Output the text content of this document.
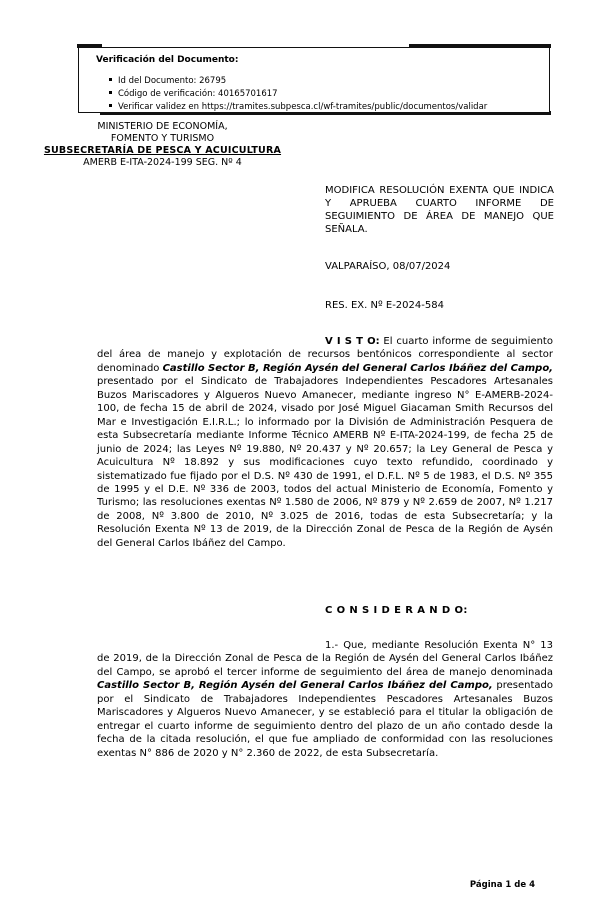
Verificación del Documento:
Id del Documento: 26795
Código de verificación: 40165701617
Verificar validez en https://tramites.subpesca.cl/wf-tramites/public/documentos/validar
MINISTERIO DE ECONOMÍA,
FOMENTO Y TURISMO
SUBSECRETARÍA DE PESCA Y ACUICULTURA
AMERB E-ITA-2024-199 SEG. Nº 4
MODIFICA RESOLUCIÓN EXENTA QUE INDICA Y APRUEBA CUARTO INFORME DE SEGUIMIENTO DE ÁREA DE MANEJO QUE SEÑALA.
VALPARAÍSO, 08/07/2024
RES. EX. Nº E-2024-584
V I S T O: El cuarto informe de seguimiento del área de manejo y explotación de recursos bentónicos correspondiente al sector denominado Castillo Sector B, Región Aysén del General Carlos Ibáñez del Campo, presentado por el Sindicato de Trabajadores Independientes Pescadores Artesanales Buzos Mariscadores y Algueros Nuevo Amanecer, mediante ingreso N° E-AMERB-2024-100, de fecha 15 de abril de 2024, visado por José Miguel Giacaman Smith Recursos del Mar e Investigación E.I.R.L.; lo informado por la División de Administración Pesquera de esta Subsecretaría mediante Informe Técnico AMERB Nº E-ITA-2024-199, de fecha 25 de junio de 2024; las Leyes Nº 19.880, Nº 20.437 y Nº 20.657; la Ley General de Pesca y Acuicultura Nº 18.892 y sus modificaciones cuyo texto refundido, coordinado y sistematizado fue fijado por el D.S. Nº 430 de 1991, el D.F.L. Nº 5 de 1983, el D.S. Nº 355 de 1995 y el D.E. Nº 336 de 2003, todos del actual Ministerio de Economía, Fomento y Turismo; las resoluciones exentas Nº 1.580 de 2006, Nº 879 y Nº 2.659 de 2007, Nº 1.217 de 2008, Nº 3.800 de 2010, Nº 3.025 de 2016, todas de esta Subsecretaría; y la Resolución Exenta Nº 13 de 2019, de la Dirección Zonal de Pesca de la Región de Aysén del General Carlos Ibáñez del Campo.
C O N S I D E R A N D O:
1.- Que, mediante Resolución Exenta N° 13 de 2019, de la Dirección Zonal de Pesca de la Región de Aysén del General Carlos Ibáñez del Campo, se aprobó el tercer informe de seguimiento del área de manejo denominada Castillo Sector B, Región Aysén del General Carlos Ibáñez del Campo, presentado por el Sindicato de Trabajadores Independientes Pescadores Artesanales Buzos Mariscadores y Algueros Nuevo Amanecer, y se estableció para el titular la obligación de entregar el cuarto informe de seguimiento dentro del plazo de un año contado desde la fecha de la citada resolución, el que fue ampliado de conformidad con las resoluciones exentas N° 886 de 2020 y N° 2.360 de 2022, de esta Subsecretaría.
Página 1 de 4
